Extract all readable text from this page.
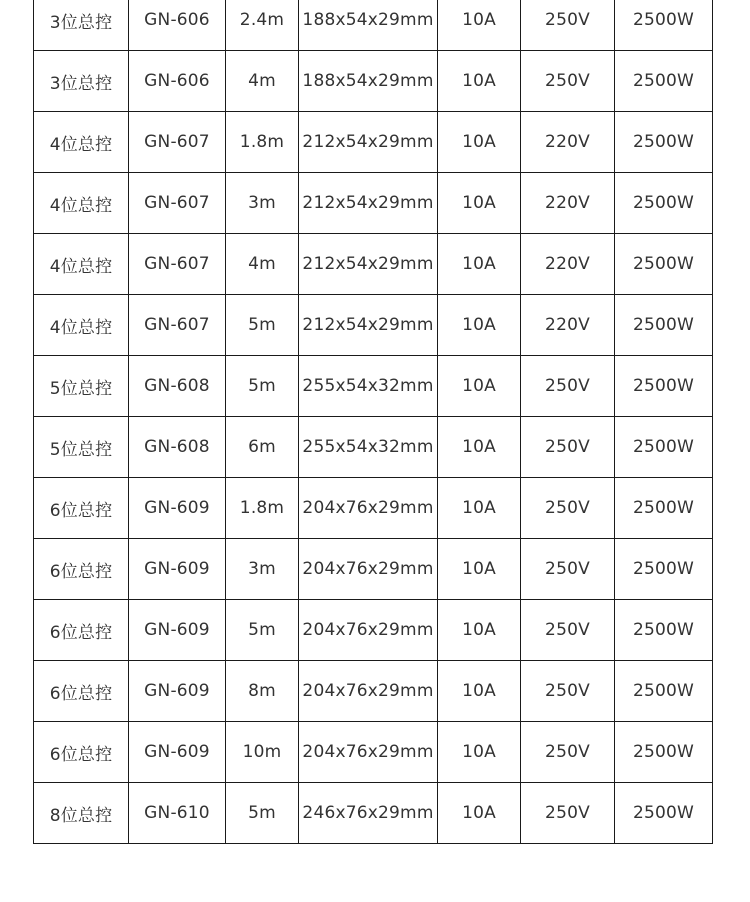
3位总控	GN-606	2.4m	188x54x29mm	10A	250V	2500W
3位总控	GN-606	4m	188x54x29mm	10A	250V	2500W
4位总控	GN-607	1.8m	212x54x29mm	10A	220V	2500W
4位总控	GN-607	3m	212x54x29mm	10A	220V	2500W
4位总控	GN-607	4m	212x54x29mm	10A	220V	2500W
4位总控	GN-607	5m	212x54x29mm	10A	220V	2500W
5位总控	GN-608	5m	255x54x32mm	10A	250V	2500W
5位总控	GN-608	6m	255x54x32mm	10A	250V	2500W
6位总控	GN-609	1.8m	204x76x29mm	10A	250V	2500W
6位总控	GN-609	3m	204x76x29mm	10A	250V	2500W
6位总控	GN-609	5m	204x76x29mm	10A	250V	2500W
6位总控	GN-609	8m	204x76x29mm	10A	250V	2500W
6位总控	GN-609	10m	204x76x29mm	10A	250V	2500W
8位总控	GN-610	5m	246x76x29mm	10A	250V	2500W
